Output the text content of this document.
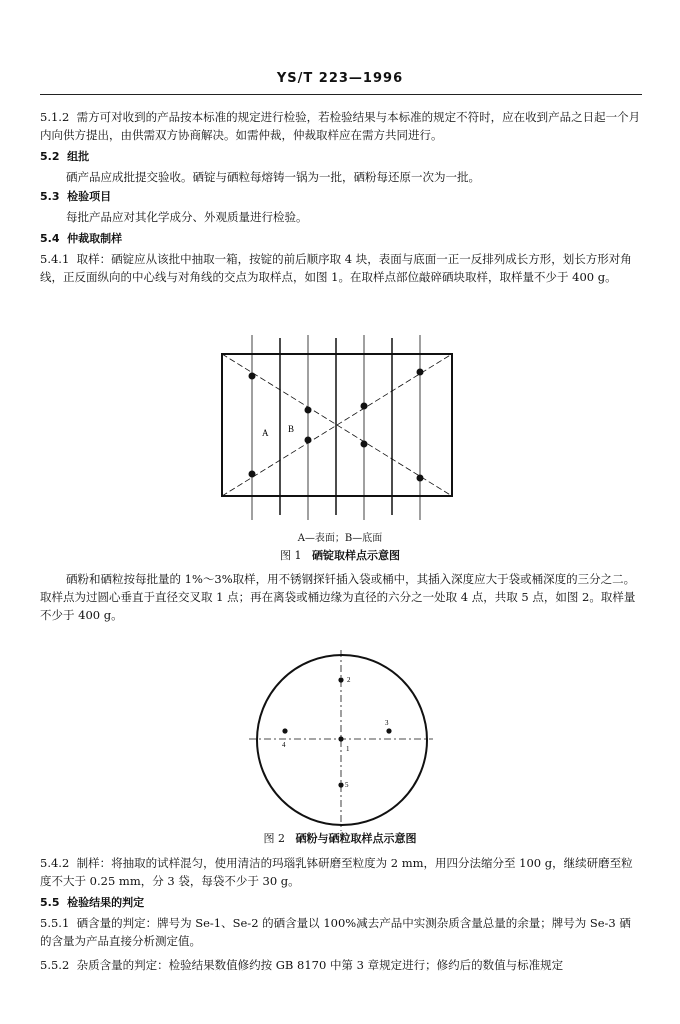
YS/T 223—1996

5.1.2 需方可对收到的产品按本标准的规定进行检验，若检验结果与本标准的规定不符时，应在收到产品之日起一个月内向供方提出，由供需双方协商解决。如需仲裁，仲裁取样应在需方共同进行。

5.2 组批

硒产品应成批提交验收。硒锭与硒粒每熔铸一锅为一批，硒粉每还原一次为一批。

5.3 检验项目

每批产品应对其化学成分、外观质量进行检验。

5.4 仲裁取制样

5.4.1 取样：硒锭应从该批中抽取一箱，按锭的前后顺序取 4 块，表面与底面一正一反排列成长方形，划长方形对角线，正反面纵向的中心线与对角线的交点为取样点，如图 1。在取样点部位敲碎硒块取样，取样量不少于 400 g。

A B
A—表面；B—底面
图 1 硒锭取样点示意图

硒粉和硒粒按每批量的 1%～3%取样，用不锈钢探钎插入袋或桶中，其插入深度应大于袋或桶深度的三分之二。取样点为过圆心垂直于直径交叉取 1 点；再在离袋或桶边缘为直径的六分之一处取 4 点，共取 5 点，如图 2。取样量不少于 400 g。

1
2
3
4
5
图 2 硒粉与硒粒取样点示意图

5.4.2 制样：将抽取的试样混匀，使用清洁的玛瑙乳钵研磨至粒度为 2 mm，用四分法缩分至 100 g，继续研磨至粒度不大于 0.25 mm，分 3 袋，每袋不少于 30 g。

5.5 检验结果的判定

5.5.1 硒含量的判定：牌号为 Se-1、Se-2 的硒含量以 100%减去产品中实测杂质含量总量的余量；牌号为 Se-3 硒的含量为产品直接分析测定值。

5.5.2 杂质含量的判定：检验结果数值修约按 GB 8170 中第 3 章规定进行；修约后的数值与标准规定
